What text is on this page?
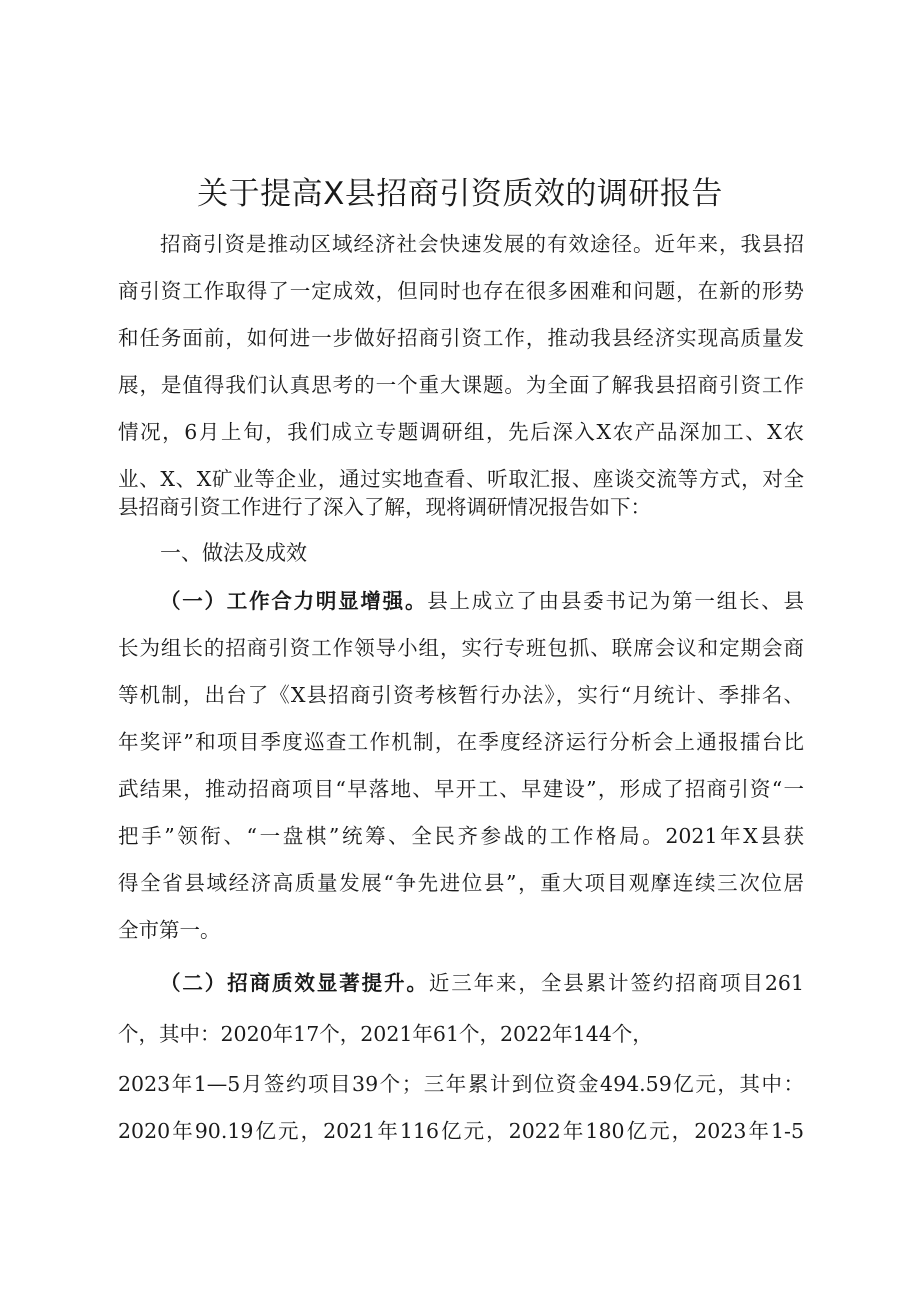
关于提高X县招商引资质效的调研报告
招商引资是推动区域经济社会快速发展的有效途径。近年来，我县招
商引资工作取得了一定成效，但同时也存在很多困难和问题，在新的形势
和任务面前，如何进一步做好招商引资工作，推动我县经济实现高质量发
展，是值得我们认真思考的一个重大课题。为全面了解我县招商引资工作
情况，6月上旬，我们成立专题调研组，先后深入X农产品深加工、X农
业、X、X矿业等企业，通过实地查看、听取汇报、座谈交流等方式，对全
县招商引资工作进行了深入了解，现将调研情况报告如下：
一、做法及成效
（一）工作合力明显增强。县上成立了由县委书记为第一组长、县
长为组长的招商引资工作领导小组，实行专班包抓、联席会议和定期会商
等机制，出台了《X县招商引资考核暂行办法》，实行“月统计、季排名、
年奖评”和项目季度巡查工作机制，在季度经济运行分析会上通报擂台比
武结果，推动招商项目“早落地、早开工、早建设”，形成了招商引资“一
把手”领衔、“一盘棋”统筹、全民齐参战的工作格局。2021年X县获
得全省县域经济高质量发展“争先进位县”，重大项目观摩连续三次位居
全市第一。
（二）招商质效显著提升。近三年来，全县累计签约招商项目261
个，其中：2020年17个，2021年61个，2022年144个，
2023年1—5月签约项目39个；三年累计到位资金494.59亿元，其中：
2020年90.19亿元，2021年116亿元，2022年180亿元，2023年1-5
